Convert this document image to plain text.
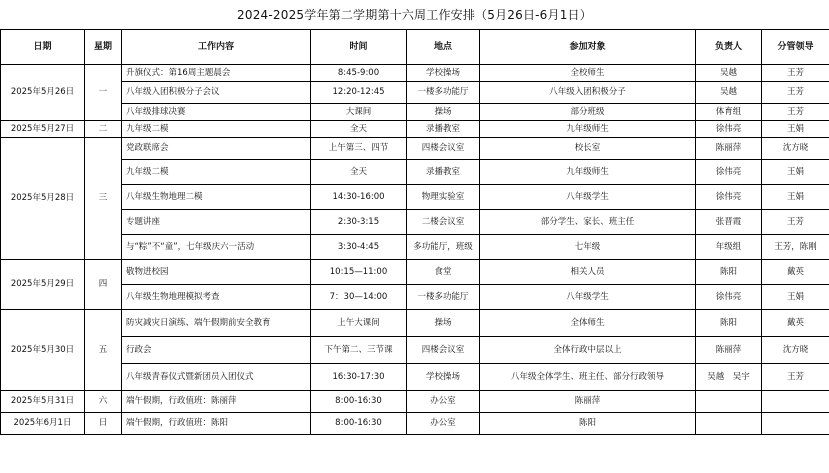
2024-2025学年第二学期第十六周工作安排（5月26日-6月1日）
日期	星期	工作内容	时间	地点	参加对象	负责人	分管领导
2025年5月26日	一	升旗仪式：第16周主题晨会	8:45-9:00	学校操场	全校师生	吴越	王芳
		八年级入团积极分子会议	12:20-12:45	一楼多功能厅	八年级入团积极分子	吴越	王芳
		八年级排球决赛	大课间	操场	部分班级	体育组	王芳
2025年5月27日	二	九年级二模	全天	录播教室	九年级师生	徐伟亮	王娟
2025年5月28日	三	党政联席会	上午第三、四节	四楼会议室	校长室	陈丽萍	沈方晓
		九年级二模	全天	录播教室	九年级师生	徐伟亮	王娟
		八年级生物地理二模	14:30-16:00	物理实验室	八年级学生	徐伟亮	王娟
		专题讲座	2:30-3:15	二楼会议室	部分学生、家长、班主任	张晋霞	王芳
		与“粽”不“童”，七年级庆六一活动	3:30-4:45	多功能厅，班级	七年级	年级组	王芳，陈刚
2025年5月29日	四	敬物进校园	10:15—11:00	食堂	相关人员	陈阳	戴英
		八年级生物地理模拟考查	7：30—14:00	一楼多功能厅	八年级学生	徐伟亮	王娟
2025年5月30日	五	防灾减灾日演练、端午假期前安全教育	上午大课间	操场	全体师生	陈阳	戴英
		行政会	下午第二、三节课	四楼会议室	全体行政中层以上	陈丽萍	沈方晓
		八年级青春仪式暨新团员入团仪式	16:30-17:30	学校操场	八年级全体学生、班主任、部分行政领导	吴越　吴宇	王芳
2025年5月31日	六	端午假期，行政值班：陈丽萍	8:00-16:30	办公室	陈丽萍		
2025年6月1日	日	端午假期，行政值班：陈阳	8:00-16:30	办公室	陈阳		
